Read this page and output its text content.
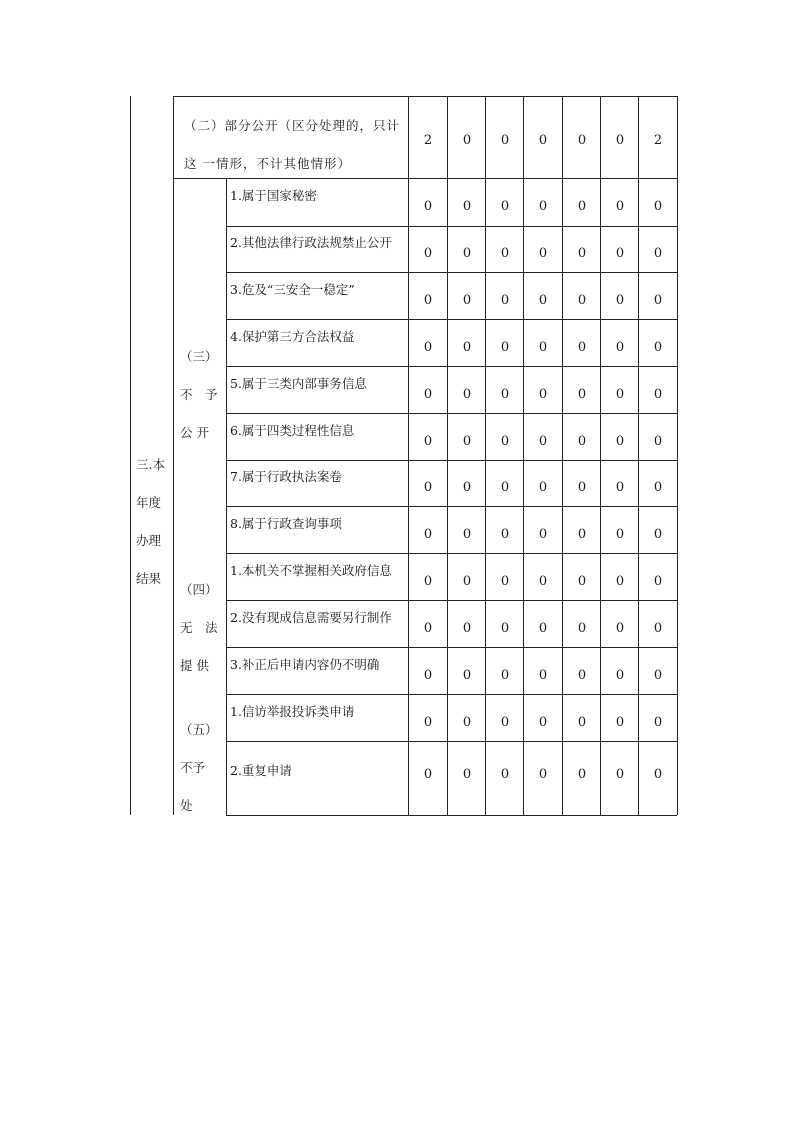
（二）部分公开（区分处理的，只计
这 一情形，不计其他情形）
2	0	0	0	0	0	2
三.本
年度
办理
结果
（三）
不　予
公 开
1.属于国家秘密
0	0	0	0	0	0	0
2.其他法律行政法规禁止公开
0	0	0	0	0	0	0
3.危及“三安全一稳定”
0	0	0	0	0	0	0
4.保护第三方合法权益
0	0	0	0	0	0	0
5.属于三类内部事务信息
0	0	0	0	0	0	0
6.属于四类过程性信息
0	0	0	0	0	0	0
7.属于行政执法案卷
0	0	0	0	0	0	0
8.属于行政查询事项
0	0	0	0	0	0	0
（四）
无　法
提 供
1.本机关不掌握相关政府信息
0	0	0	0	0	0	0
2.没有现成信息需要另行制作
0	0	0	0	0	0	0
3.补正后申请内容仍不明确
0	0	0	0	0	0	0
（五）
不予
处
1.信访举报投诉类申请
0	0	0	0	0	0	0
2.重复申请	0	0	0	0	0	0	0
